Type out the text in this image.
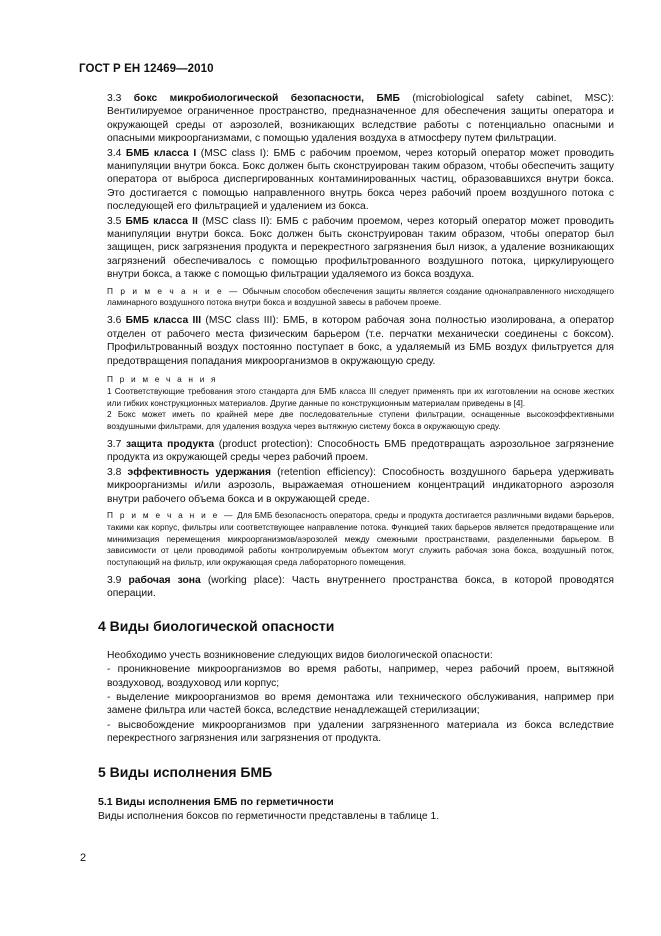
ГОСТ Р ЕН 12469—2010

3.3 бокс микробиологической безопасности, БМБ (microbiological safety cabinet, MSC): Вентилируемое ограниченное пространство, предназначенное для обеспечения защиты оператора и окружающей среды от аэрозолей, возникающих вследствие работы с потенциально опасными и опасными микроорганизмами, с помощью удаления воздуха в атмосферу путем фильтрации.

3.4 БМБ класса I (MSC class I): БМБ с рабочим проемом, через который оператор может проводить манипуляции внутри бокса. Бокс должен быть сконструирован таким образом, чтобы обеспечить защиту оператора от выброса диспергированных контаминированных частиц, образовавшихся внутри бокса. Это достигается с помощью направленного внутрь бокса через рабочий проем воздушного потока с последующей его фильтрацией и удалением из бокса.

3.5 БМБ класса II (MSC class II): БМБ с рабочим проемом, через который оператор может проводить манипуляции внутри бокса. Бокс должен быть сконструирован таким образом, чтобы оператор был защищен, риск загрязнения продукта и перекрестного загрязнения был низок, а удаление возникающих загрязнений обеспечивалось с помощью профильтрованного воздушного потока, циркулирующего внутри бокса, а также с помощью фильтрации удаляемого из бокса воздуха.

П р и м е ч а н и е — Обычным способом обеспечения защиты является создание однонаправленного нисходящего ламинарного воздушного потока внутри бокса и воздушной завесы в рабочем проеме.

3.6 БМБ класса III (MSC class III): БМБ, в котором рабочая зона полностью изолирована, а оператор отделен от рабочего места физическим барьером (т.е. перчатки механически соединены с боксом). Профильтрованный воздух постоянно поступает в бокс, а удаляемый из БМБ воздух фильтруется для предотвращения попадания микроорганизмов в окружающую среду.

П р и м е ч а н и я

1 Соответствующие требования этого стандарта для БМБ класса III следует применять при их изготовлении на основе жестких или гибких конструкционных материалов. Другие данные по конструкционным материалам приведены в [4].

2 Бокс может иметь по крайней мере две последовательные ступени фильтрации, оснащенные высокоэффективными воздушными фильтрами, для удаления воздуха через вытяжную систему бокса в окружающую среду.

3.7 защита продукта (product protection): Способность БМБ предотвращать аэрозольное загрязнение продукта из окружающей среды через рабочий проем.

3.8 эффективность удержания (retention efficiency): Способность воздушного барьера удерживать микроорганизмы и/или аэрозоль, выражаемая отношением концентраций индикаторного аэрозоля внутри рабочего объема бокса и в окружающей среде.

П р и м е ч а н и е — Для БМБ безопасность оператора, среды и продукта достигается различными видами барьеров, такими как корпус, фильтры или соответствующее направление потока. Функцией таких барьеров является предотвращение или минимизация перемещения микроорганизмов/аэрозолей между смежными пространствами, разделенными барьером. В зависимости от цели проводимой работы контролируемым объектом могут служить рабочая зона бокса, воздушный поток, поступающий на фильтр, или окружающая среда лабораторного помещения.

3.9 рабочая зона (working place): Часть внутреннего пространства бокса, в которой проводятся операции.

4 Виды биологической опасности

Необходимо учесть возникновение следующих видов биологической опасности:

- проникновение микроорганизмов во время работы, например, через рабочий проем, вытяжной воздуховод, воздуховод или корпус;

- выделение микроорганизмов во время демонтажа или технического обслуживания, например при замене фильтра или частей бокса, вследствие ненадлежащей стерилизации;

- высвобождение микроорганизмов при удалении загрязненного материала из бокса вследствие перекрестного загрязнения или загрязнения от продукта.

5 Виды исполнения БМБ
5.1 Виды исполнения БМБ по герметичности

Виды исполнения боксов по герметичности представлены в таблице 1.

2
